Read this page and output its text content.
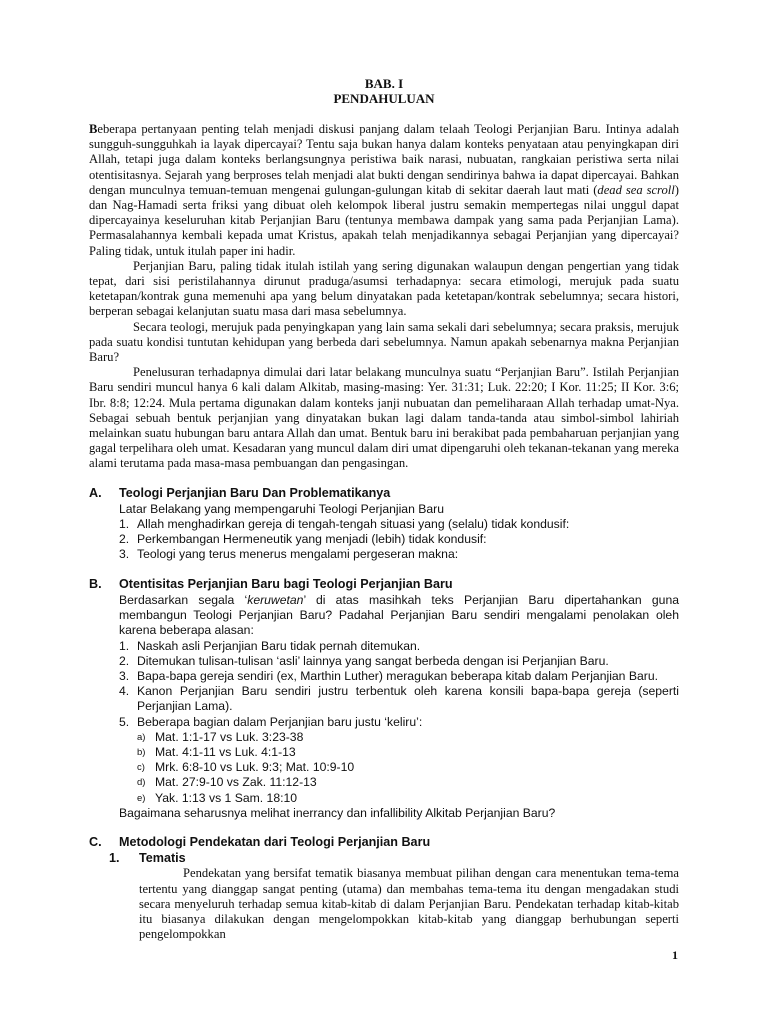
BAB. I

PENDAHULUAN

Beberapa pertanyaan penting telah menjadi diskusi panjang dalam telaah Teologi Perjanjian Baru. Intinya adalah sungguh-sungguhkah ia layak dipercayai? Tentu saja bukan hanya dalam konteks penyataan atau penyingkapan diri Allah, tetapi juga dalam konteks berlangsungnya peristiwa baik narasi, nubuatan, rangkaian peristiwa serta nilai otentisitasnya. Sejarah yang berproses telah menjadi alat bukti dengan sendirinya bahwa ia dapat dipercayai. Bahkan dengan munculnya temuan-temuan mengenai gulungan-gulungan kitab di sekitar daerah laut mati (dead sea scroll) dan Nag-Hamadi serta friksi yang dibuat oleh kelompok liberal justru semakin mempertegas nilai unggul dapat dipercayainya keseluruhan kitab Perjanjian Baru (tentunya membawa dampak yang sama pada Perjanjian Lama). Permasalahannya kembali kepada umat Kristus, apakah telah menjadikannya sebagai Perjanjian yang dipercayai? Paling tidak, untuk itulah paper ini hadir.

Perjanjian Baru, paling tidak itulah istilah yang sering digunakan walaupun dengan pengertian yang tidak tepat, dari sisi peristilahannya dirunut praduga/asumsi terhadapnya: secara etimologi, merujuk pada suatu ketetapan/kontrak guna memenuhi apa yang belum dinyatakan pada ketetapan/kontrak sebelumnya; secara histori, berperan sebagai kelanjutan suatu masa dari masa sebelumnya.

Secara teologi, merujuk pada penyingkapan yang lain sama sekali dari sebelumnya; secara praksis, merujuk pada suatu kondisi tuntutan kehidupan yang berbeda dari sebelumnya. Namun apakah sebenarnya makna Perjanjian Baru?

Penelusuran terhadapnya dimulai dari latar belakang munculnya suatu “Perjanjian Baru”. Istilah Perjanjian Baru sendiri muncul hanya 6 kali dalam Alkitab, masing-masing: Yer. 31:31; Luk. 22:20; I Kor. 11:25; II Kor. 3:6; Ibr. 8:8; 12:24. Mula pertama digunakan dalam konteks janji nubuatan dan pemeliharaan Allah terhadap umat-Nya. Sebagai sebuah bentuk perjanjian yang dinyatakan bukan lagi dalam tanda-tanda atau simbol-simbol lahiriah melainkan suatu hubungan baru antara Allah dan umat. Bentuk baru ini berakibat pada pembaharuan perjanjian yang gagal terpelihara oleh umat. Kesadaran yang muncul dalam diri umat dipengaruhi oleh tekanan-tekanan yang mereka alami terutama pada masa-masa pembuangan dan pengasingan.

A.	Teologi Perjanjian Baru Dan Problematikanya
Latar Belakang yang mempengaruhi Teologi Perjanjian Baru
1. Allah menghadirkan gereja di tengah-tengah situasi yang (selalu) tidak kondusif:
2. Perkembangan Hermeneutik yang menjadi (lebih) tidak kondusif:
3. Teologi yang terus menerus mengalami pergeseran makna:
B.	Otentisitas Perjanjian Baru bagi Teologi Perjanjian Baru
Berdasarkan segala ‘keruwetan’ di atas masihkah teks Perjanjian Baru dipertahankan guna membangun Teologi Perjanjian Baru? Padahal Perjanjian Baru sendiri mengalami penolakan oleh karena beberapa alasan:
1. Naskah asli Perjanjian Baru tidak pernah ditemukan.
2. Ditemukan tulisan-tulisan ‘asli’ lainnya yang sangat berbeda dengan isi Perjanjian Baru.
3. Bapa-bapa gereja sendiri (ex, Marthin Luther) meragukan beberapa kitab dalam Perjanjian Baru.
4. Kanon Perjanjian Baru sendiri justru terbentuk oleh karena konsili bapa-bapa gereja (seperti Perjanjian Lama).
5. Beberapa bagian dalam Perjanjian baru justu ‘keliru’:
a) Mat. 1:1-17 vs Luk. 3:23-38
b) Mat. 4:1-11 vs Luk. 4:1-13
c) Mrk. 6:8-10 vs Luk. 9:3; Mat. 10:9-10
d) Mat. 27:9-10 vs Zak. 11:12-13
e) Yak. 1:13 vs 1 Sam. 18:10
Bagaimana seharusnya melihat inerrancy dan infallibility Alkitab Perjanjian Baru?
C.	Metodologi Pendekatan dari Teologi Perjanjian Baru
1.	Tematis

Pendekatan yang bersifat tematik biasanya membuat pilihan dengan cara menentukan tema-tema tertentu yang dianggap sangat penting (utama) dan membahas tema-tema itu dengan mengadakan studi secara menyeluruh terhadap semua kitab-kitab di dalam Perjanjian Baru. Pendekatan terhadap kitab-kitab itu biasanya dilakukan dengan mengelompokkan kitab-kitab yang dianggap berhubungan seperti pengelompokkan

1
